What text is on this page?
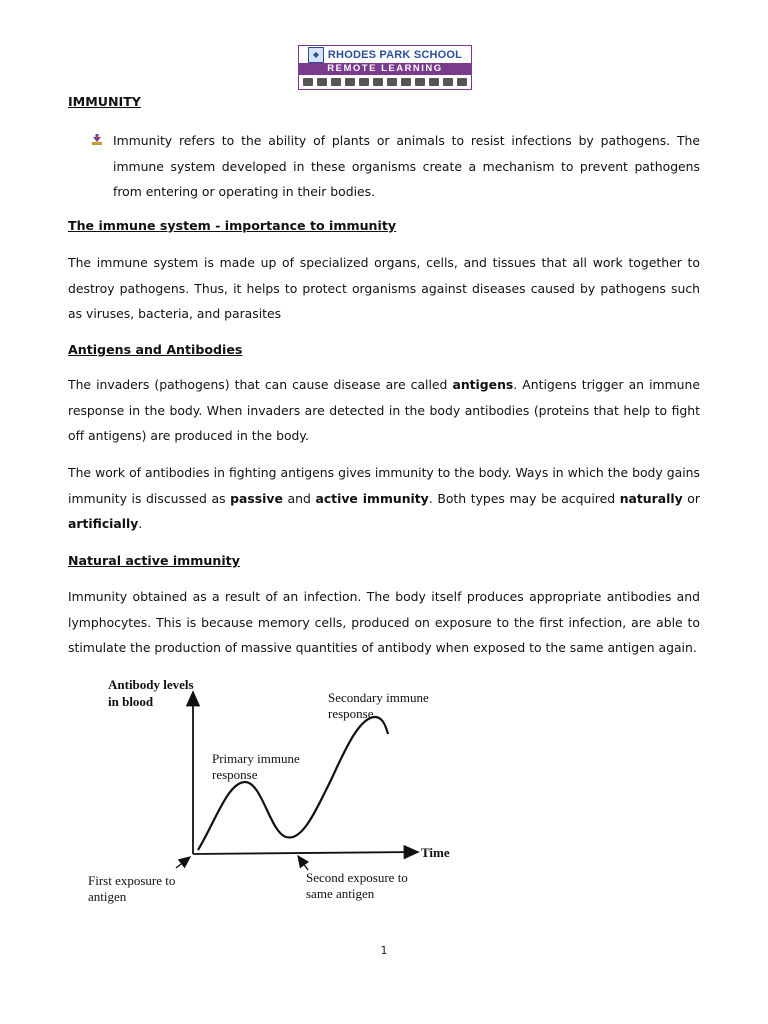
◆ RHODES PARK SCHOOL
REMOTE LEARNING
IMMUNITY
Immunity refers to the ability of plants or animals to resist infections by pathogens. The immune system developed in these organisms create a mechanism to prevent pathogens from entering or operating in their bodies.
The immune system - importance to immunity
The immune system is made up of specialized organs, cells, and tissues that all work together to destroy pathogens. Thus, it helps to protect organisms against diseases caused by pathogens such as viruses, bacteria, and parasites
Antigens and Antibodies
The invaders (pathogens) that can cause disease are called antigens. Antigens trigger an immune response in the body. When invaders are detected in the body antibodies (proteins that help to fight off antigens) are produced in the body.
The work of antibodies in fighting antigens gives immunity to the body. Ways in which the body gains immunity is discussed as passive and active immunity. Both types may be acquired naturally or artificially.
Natural active immunity
Immunity obtained as a result of an infection. The body itself produces appropriate antibodies and lymphocytes. This is because memory cells, produced on exposure to the first infection, are able to stimulate the production of massive quantities of antibody when exposed to the same antigen again.
Antibody levels
in blood
Time
Primary immune
response
Secondary immune
response
First exposure to
antigen
Second exposure to
same antigen
1
